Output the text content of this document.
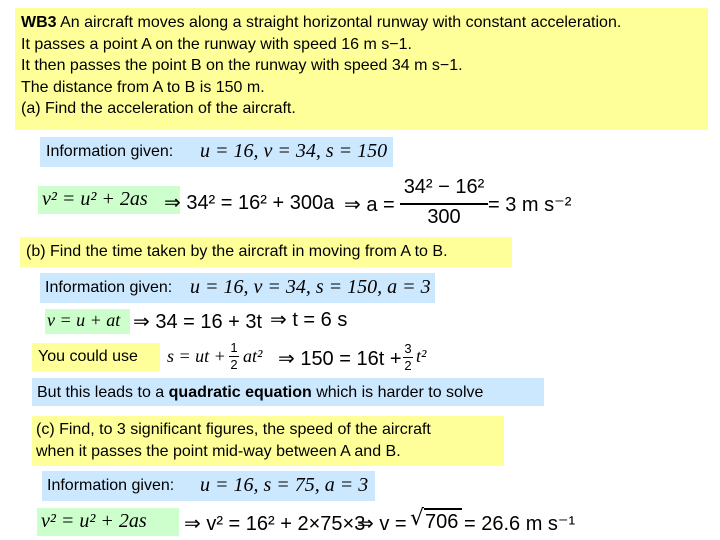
WB3 An aircraft moves along a straight horizontal runway with constant acceleration.
It passes a point A on the runway with speed 16 m s−1.
It then passes the point B on the runway with speed 34 m s−1.
The distance from A to B is 150 m.
(a) Find the acceleration of the aircraft.
Information given: u = 16, v = 34, s = 150
v² = u² + 2as ⇒ 34² = 16² + 300a ⇒ a =
34² − 16²
300
= 3 m s⁻²
(b) Find the time taken by the aircraft in moving from A to B.
Information given: u = 16, v = 34, s = 150, a = 3
v = u + at ⇒ 34 = 16 + 3t ⇒ t = 6 s
You could use s = ut + 1
2 at² ⇒ 150 = 16t + 3
2 t²
But this leads to a quadratic equation which is harder to solve
(c) Find, to 3 significant figures, the speed of the aircraft
when it passes the point mid-way between A and B.
Information given: u = 16, s = 75, a = 3
v² = u² + 2as ⇒ v² = 16² + 2×75×3
⇒ v = √ 706 = 26.6 m s⁻¹
